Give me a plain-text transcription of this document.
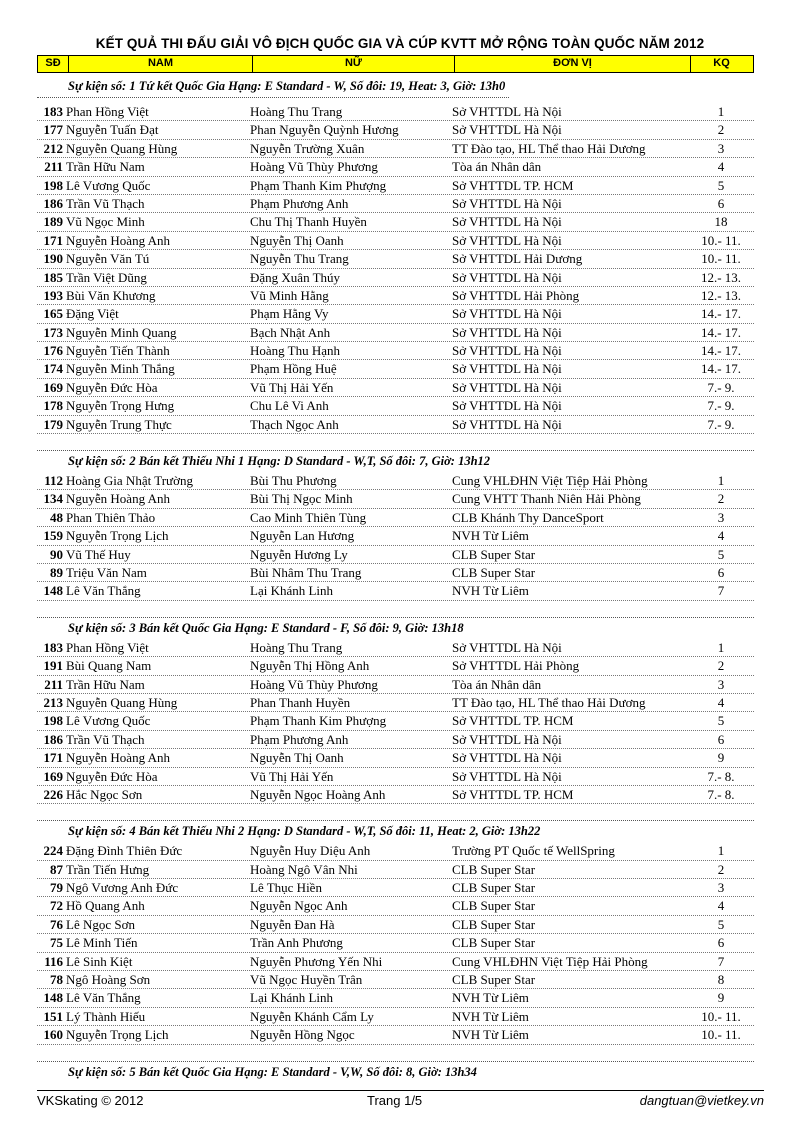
KẾT QUẢ THI ĐẤU GIẢI VÔ ĐỊCH QUỐC GIA VÀ CÚP KVTT MỞ RỘNG TOÀN QUỐC NĂM 2012
SĐ	NAM	NỮ	ĐƠN VỊ	KQ
Sự kiện số: 1 Tứ kết Quốc Gia Hạng: E Standard - W, Số đôi: 19, Heat: 3, Giờ: 13h0
183 Phan Hồng Việt	Hoàng Thu Trang	Sở VHTTDL Hà Nội	1
177 Nguyễn Tuấn Đạt	Phan Nguyễn Quỳnh Hương	Sở VHTTDL Hà Nội	2
212 Nguyễn Quang Hùng	Nguyễn Trường Xuân	TT Đào tạo, HL Thể thao Hải Dương	3
211 Trần Hữu Nam	Hoàng Vũ Thùy Phương	Tòa án Nhân dân	4
198 Lê Vương Quốc	Phạm Thanh Kim Phượng	Sở VHTTDL TP. HCM	5
186 Trần Vũ Thạch	Phạm Phương Anh	Sở VHTTDL Hà Nội	6
189 Vũ Ngọc Minh	Chu Thị Thanh Huyền	Sở VHTTDL Hà Nội	18
171 Nguyễn Hoàng Anh	Nguyễn Thị Oanh	Sở VHTTDL Hà Nội	10.- 11.
190 Nguyễn Văn Tú	Nguyễn Thu Trang	Sở VHTTDL Hải Dương	10.- 11.
185 Trần Việt Dũng	Đặng Xuân Thúy	Sở VHTTDL Hà Nội	12.- 13.
193 Bùi Văn Khương	Vũ Minh Hằng	Sở VHTTDL Hải Phòng	12.- 13.
165 Đặng Việt	Phạm Hằng Vy	Sở VHTTDL Hà Nội	14.- 17.
173 Nguyễn Minh Quang	Bạch Nhật Anh	Sở VHTTDL Hà Nội	14.- 17.
176 Nguyễn Tiến Thành	Hoàng Thu Hạnh	Sở VHTTDL Hà Nội	14.- 17.
174 Nguyễn Minh Thắng	Phạm Hồng Huệ	Sở VHTTDL Hà Nội	14.- 17.
169 Nguyễn Đức Hòa	Vũ Thị Hải Yến	Sở VHTTDL Hà Nội	7.- 9.
178 Nguyễn Trọng Hưng	Chu Lê Vi Anh	Sở VHTTDL Hà Nội	7.- 9.
179 Nguyễn Trung Thực	Thạch Ngọc Anh	Sở VHTTDL Hà Nội	7.- 9.
Sự kiện số: 2 Bán kết Thiếu Nhi 1 Hạng: D Standard - W,T, Số đôi: 7, Giờ: 13h12
112 Hoàng Gia Nhật Trường	Bùi Thu Phương	Cung VHLĐHN Việt Tiệp Hải Phòng	1
134 Nguyễn Hoàng Anh	Bùi Thị Ngọc Minh	Cung VHTT Thanh Niên Hải Phòng	2
48 Phan Thiên Thảo	Cao Minh Thiên Tùng	CLB Khánh Thy DanceSport	3
159 Nguyễn Trọng Lịch	Nguyễn Lan Hương	NVH Từ Liêm	4
90 Vũ Thế Huy	Nguyễn Hương Ly	CLB Super Star	5
89 Triệu Văn Nam	Bùi Nhâm Thu Trang	CLB Super Star	6
148 Lê Văn Thắng	Lại Khánh Linh	NVH Từ Liêm	7
Sự kiện số: 3 Bán kết Quốc Gia Hạng: E Standard - F, Số đôi: 9, Giờ: 13h18
183 Phan Hồng Việt	Hoàng Thu Trang	Sở VHTTDL Hà Nội	1
191 Bùi Quang Nam	Nguyễn Thị Hồng Anh	Sở VHTTDL Hải Phòng	2
211 Trần Hữu Nam	Hoàng Vũ Thùy Phương	Tòa án Nhân dân	3
213 Nguyễn Quang Hùng	Phan Thanh Huyền	TT Đào tạo, HL Thể thao Hải Dương	4
198 Lê Vương Quốc	Phạm Thanh Kim Phượng	Sở VHTTDL TP. HCM	5
186 Trần Vũ Thạch	Phạm Phương Anh	Sở VHTTDL Hà Nội	6
171 Nguyễn Hoàng Anh	Nguyễn Thị Oanh	Sở VHTTDL Hà Nội	9
169 Nguyễn Đức Hòa	Vũ Thị Hải Yến	Sở VHTTDL Hà Nội	7.- 8.
226 Hắc Ngọc Sơn	Nguyễn Ngọc Hoàng Anh	Sở VHTTDL TP. HCM	7.- 8.
Sự kiện số: 4 Bán kết Thiếu Nhi 2 Hạng: D Standard - W,T, Số đôi: 11, Heat: 2, Giờ: 13h22
224 Đặng Đình Thiên Đức	Nguyễn Huy Diệu Anh	Trường PT Quốc tế WellSpring	1
87 Trần Tiến Hưng	Hoàng Ngô Vân Nhi	CLB Super Star	2
79 Ngô Vương Anh Đức	Lê Thục Hiền	CLB Super Star	3
72 Hồ Quang Anh	Nguyễn Ngọc Anh	CLB Super Star	4
76 Lê Ngọc Sơn	Nguyễn Đan Hà	CLB Super Star	5
75 Lê Minh Tiến	Trần Anh Phương	CLB Super Star	6
116 Lê Sinh Kiệt	Nguyễn Phương Yến Nhi	Cung VHLĐHN Việt Tiệp Hải Phòng	7
78 Ngô Hoàng Sơn	Vũ Ngọc Huyền Trân	CLB Super Star	8
148 Lê Văn Thắng	Lại Khánh Linh	NVH Từ Liêm	9
151 Lý Thành Hiếu	Nguyễn Khánh Cẩm Ly	NVH Từ Liêm	10.- 11.
160 Nguyễn Trọng Lịch	Nguyễn Hồng Ngọc	NVH Từ Liêm	10.- 11.
Sự kiện số: 5 Bán kết Quốc Gia Hạng: E Standard - V,W, Số đôi: 8, Giờ: 13h34
VKSkating © 2012	Trang 1/5	dangtuan@vietkey.vn
